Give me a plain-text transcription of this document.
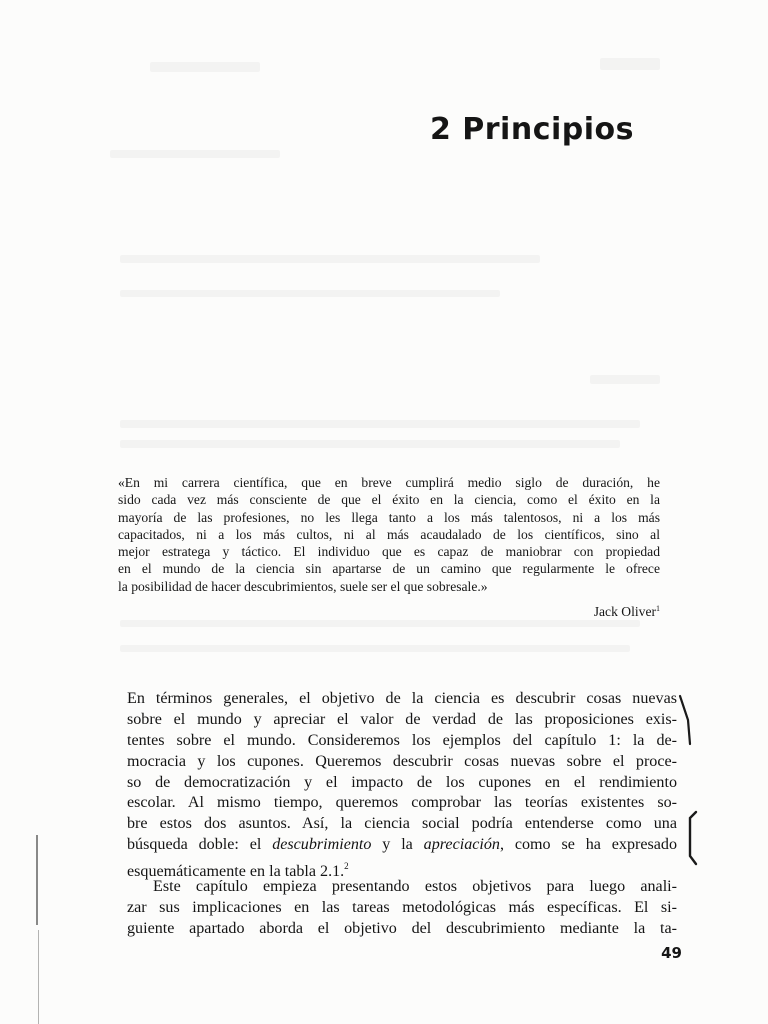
2 Principios
«En mi carrera científica, que en breve cumplirá medio siglo de duración, he
sido cada vez más consciente de que el éxito en la ciencia, como el éxito en la
mayoría de las profesiones, no les llega tanto a los más talentosos, ni a los más
capacitados, ni a los más cultos, ni al más acaudalado de los científicos, sino al
mejor estratega y táctico. El individuo que es capaz de maniobrar con propiedad
en el mundo de la ciencia sin apartarse de un camino que regularmente le ofrece
la posibilidad de hacer descubrimientos, suele ser el que sobresale.»
Jack Oliver$^1$
En términos generales, el objetivo de la ciencia es descubrir cosas nuevas
sobre el mundo y apreciar el valor de verdad de las proposiciones exis-
tentes sobre el mundo. Consideremos los ejemplos del capítulo 1: la de-
mocracia y los cupones. Queremos descubrir cosas nuevas sobre el proce-
so de democratización y el impacto de los cupones en el rendimiento
escolar. Al mismo tiempo, queremos comprobar las teorías existentes so-
bre estos dos asuntos. Así, la ciencia social podría entenderse como una
búsqueda doble: el descubrimiento y la apreciación, como se ha expresado
esquemáticamente en la tabla 2.1.$^2$
Este capítulo empieza presentando estos objetivos para luego anali-
zar sus implicaciones en las tareas metodológicas más específicas. El si-
guiente apartado aborda el objetivo del descubrimiento mediante la ta-
49
